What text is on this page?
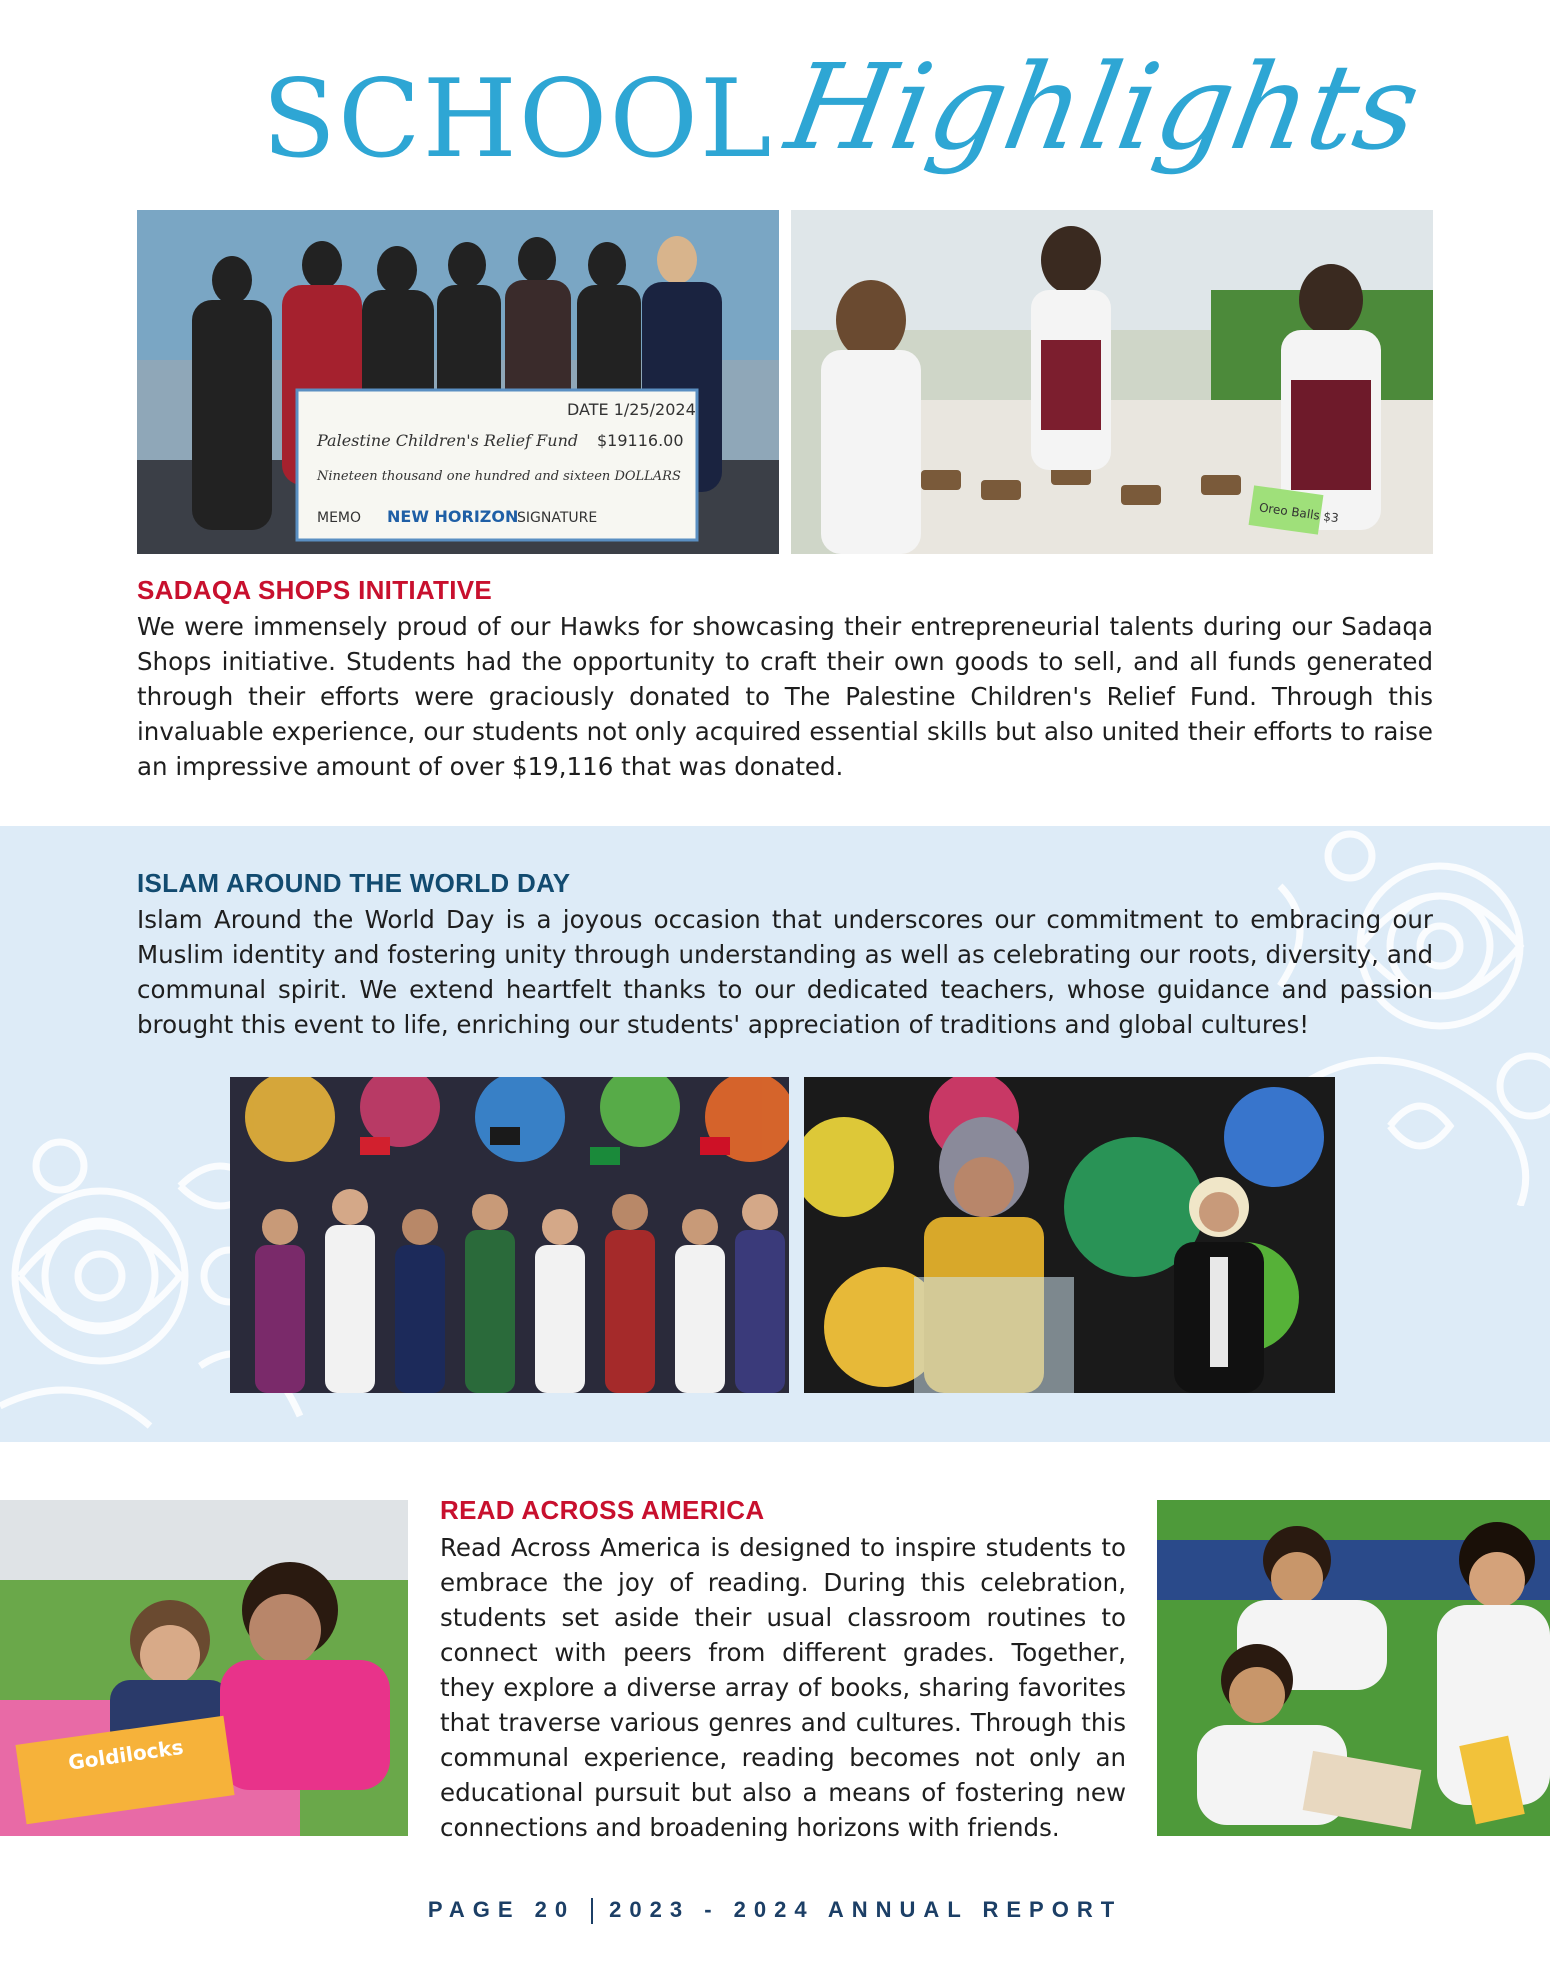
SCHOOL Highlights
DATE 1/25/2024
Palestine Children's Relief Fund $19116.00
Nineteen thousand one hundred and sixteen DOLLARS
MEMO NEW HORIZON
SIGNATURE	Oreo Balls $3
SADAQA SHOPS INITIATIVE
We were immensely proud of our Hawks for showcasing their entrepreneurial talents during our Sadaqa Shops initiative. Students had the opportunity to craft their own goods to sell, and all funds generated through their efforts were graciously donated to The Palestine Children's Relief Fund. Through this invaluable experience, our students not only acquired essential skills but also united their efforts to raise an impressive amount of over $19,116 that was donated.
ISLAM AROUND THE WORLD DAY
Islam Around the World Day is a joyous occasion that underscores our commitment to embracing our Muslim identity and fostering unity through understanding as well as celebrating our roots, diversity, and communal spirit. We extend heartfelt thanks to our dedicated teachers, whose guidance and passion brought this event to life, enriching our students' appreciation of traditions and global cultures!
Goldilocks
READ ACROSS AMERICA
Read Across America is designed to inspire students to embrace the joy of reading. During this celebration, students set aside their usual classroom routines to connect with peers from different grades. Together, they explore a diverse array of books, sharing favorites that traverse various genres and cultures. Through this communal experience, reading becomes not only an educational pursuit but also a means of fostering new connections and broadening horizons with friends.
PAGE 20 2023 - 2024 ANNUAL REPORT
